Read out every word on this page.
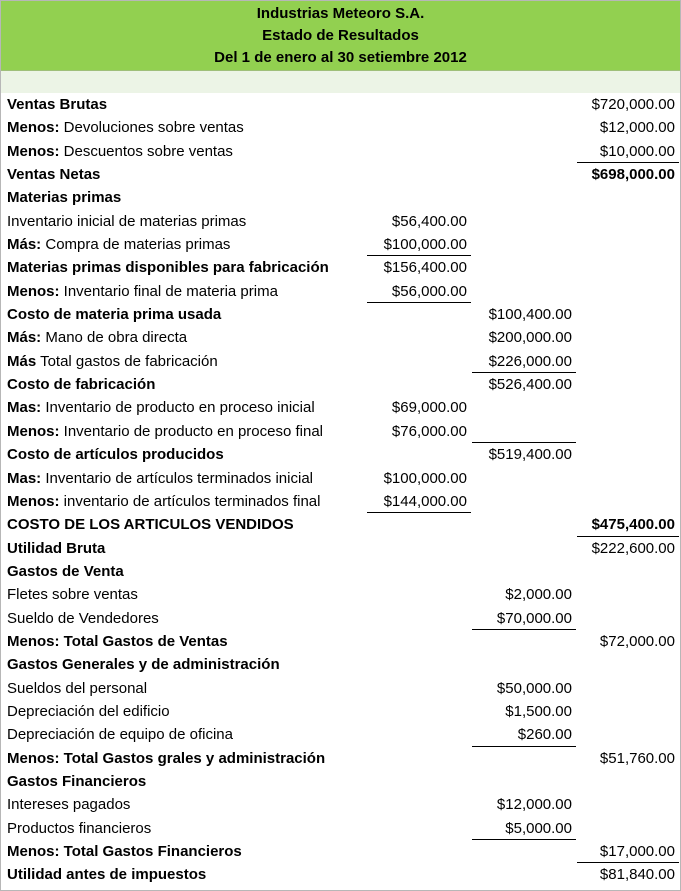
Industrias Meteoro S.A.
Estado de Resultados
Del 1 de enero al 30 setiembre 2012
Ventas Brutas	$720,000.00
Menos: Devoluciones sobre ventas	$12,000.00
Menos: Descuentos sobre ventas	$10,000.00
Ventas Netas	$698,000.00
Materias primas
Inventario inicial de materias primas	$56,400.00
Más: Compra de materias primas	$100,000.00
Materias primas disponibles para fabricación	$156,400.00
Menos: Inventario final de materia prima	$56,000.00
Costo de materia prima usada	$100,400.00
Más: Mano de obra directa	$200,000.00
Más Total gastos de fabricación	$226,000.00
Costo de fabricación	$526,400.00
Mas: Inventario de producto en proceso inicial	$69,000.00
Menos: Inventario de producto en proceso final	$76,000.00
Costo de artículos producidos	$519,400.00
Mas: Inventario de artículos terminados inicial	$100,000.00
Menos: inventario de artículos terminados final	$144,000.00
COSTO DE LOS ARTICULOS VENDIDOS	$475,400.00
Utilidad Bruta	$222,600.00
Gastos de Venta
Fletes sobre ventas	$2,000.00
Sueldo de Vendedores	$70,000.00
Menos: Total Gastos de Ventas	$72,000.00
Gastos Generales y de administración
Sueldos del personal	$50,000.00
Depreciación del edificio	$1,500.00
Depreciación de equipo de oficina	$260.00
Menos: Total Gastos grales y administración	$51,760.00
Gastos Financieros
Intereses pagados	$12,000.00
Productos financieros	$5,000.00
Menos: Total Gastos Financieros	$17,000.00
Utilidad antes de impuestos	$81,840.00
